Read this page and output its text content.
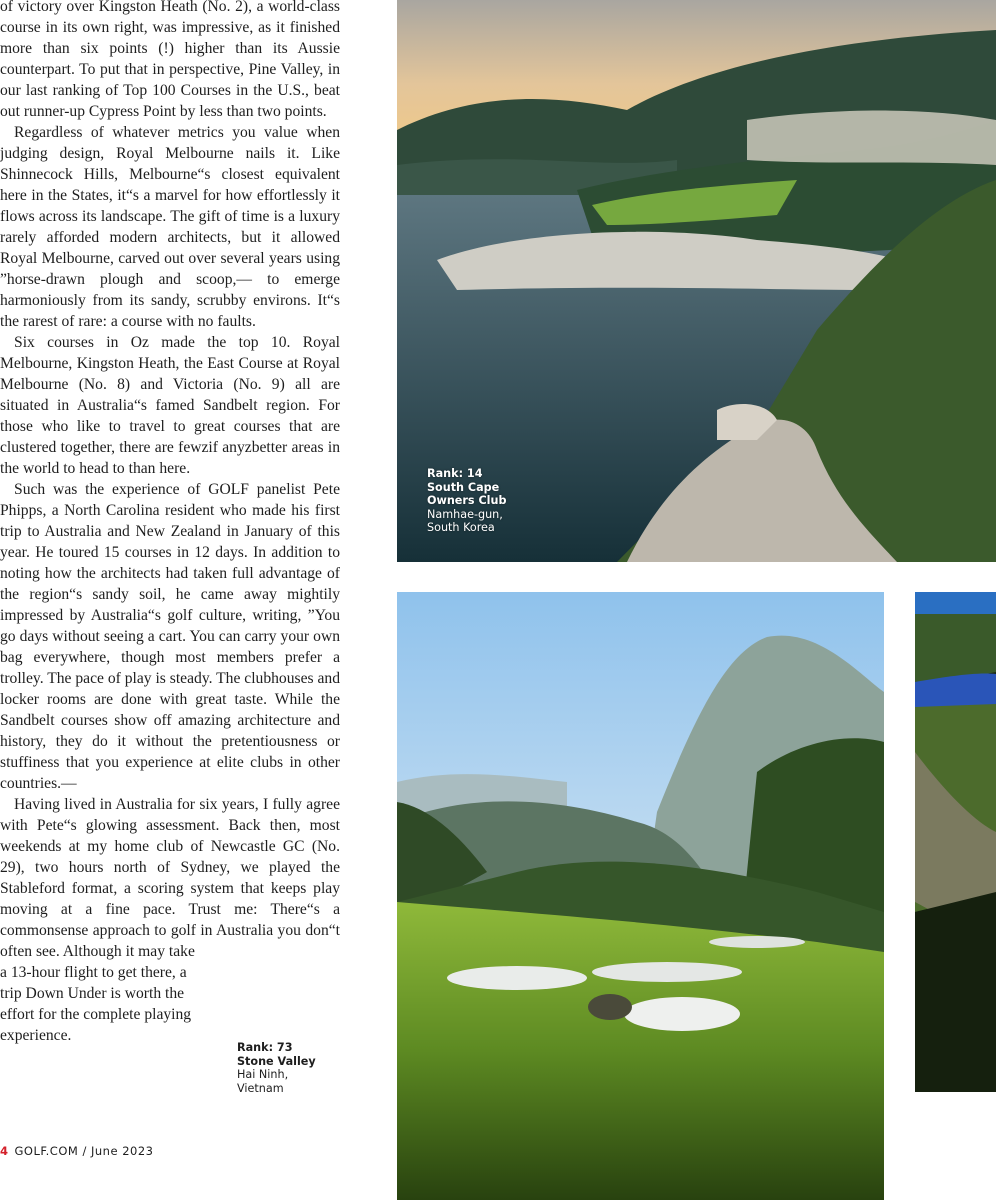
of victory over Kingston Heath (No. 2), a world-class course in its own right, was impressive, as it finished more than six points (!) higher than its Aussie counterpart. To put that in perspective, Pine Valley, in our last ranking of Top 100 Courses in the U.S., beat out runner-up Cypress Point by less than two points.

Regardless of whatever metrics you value when judging design, Royal Melbourne nails it. Like Shinnecock Hills, Melbourne“s closest equivalent here in the States, it“s a marvel for how effortlessly it flows across its landscape. The gift of time is a luxury rarely afforded modern architects, but it allowed Royal Melbourne, carved out over several years using ”horse-drawn plough and scoop,— to emerge harmoniously from its sandy, scrubby environs. It“s the rarest of rare: a course with no faults.

Six courses in Oz made the top 10. Royal Melbourne, Kingston Heath, the East Course at Royal Melbourne (No. 8) and Victoria (No. 9) all are situated in Australia“s famed Sandbelt region. For those who like to travel to great courses that are clustered together, there are fewzif anyzbetter areas in the world to head to than here.

Such was the experience of GOLF panelist Pete Phipps, a North Carolina resident who made his first trip to Australia and New Zealand in January of this year. He toured 15 courses in 12 days. In addition to noting how the architects had taken full advantage of the region“s sandy soil, he came away mightily impressed by Australia“s golf culture, writing, ”You go days without seeing a cart. You can carry your own bag everywhere, though most members prefer a trolley. The pace of play is steady. The clubhouses and locker rooms are done with great taste. While the Sandbelt courses show off amazing architecture and history, they do it without the pretentiousness or stuffiness that you experience at elite clubs in other countries.—

Having lived in Australia for six years, I fully agree with Pete“s glowing assessment. Back then, most weekends at my home club of Newcastle GC (No. 29), two hours north of Sydney, we played the Stableford format, a scoring system that keeps play moving at a fine pace. Trust me: There“s a commonsense approach to golf in Australia you don“t often see. Although it may take

a 13-hour flight to get there, a trip Down Under is worth the effort for the complete playing experience.

Rank: 14
South Cape
Owners Club
Namhae-gun,
South Korea
Rank: 73
Stone Valley
Hai Ninh,
Vietnam
4 GOLF.COM / June 2023
